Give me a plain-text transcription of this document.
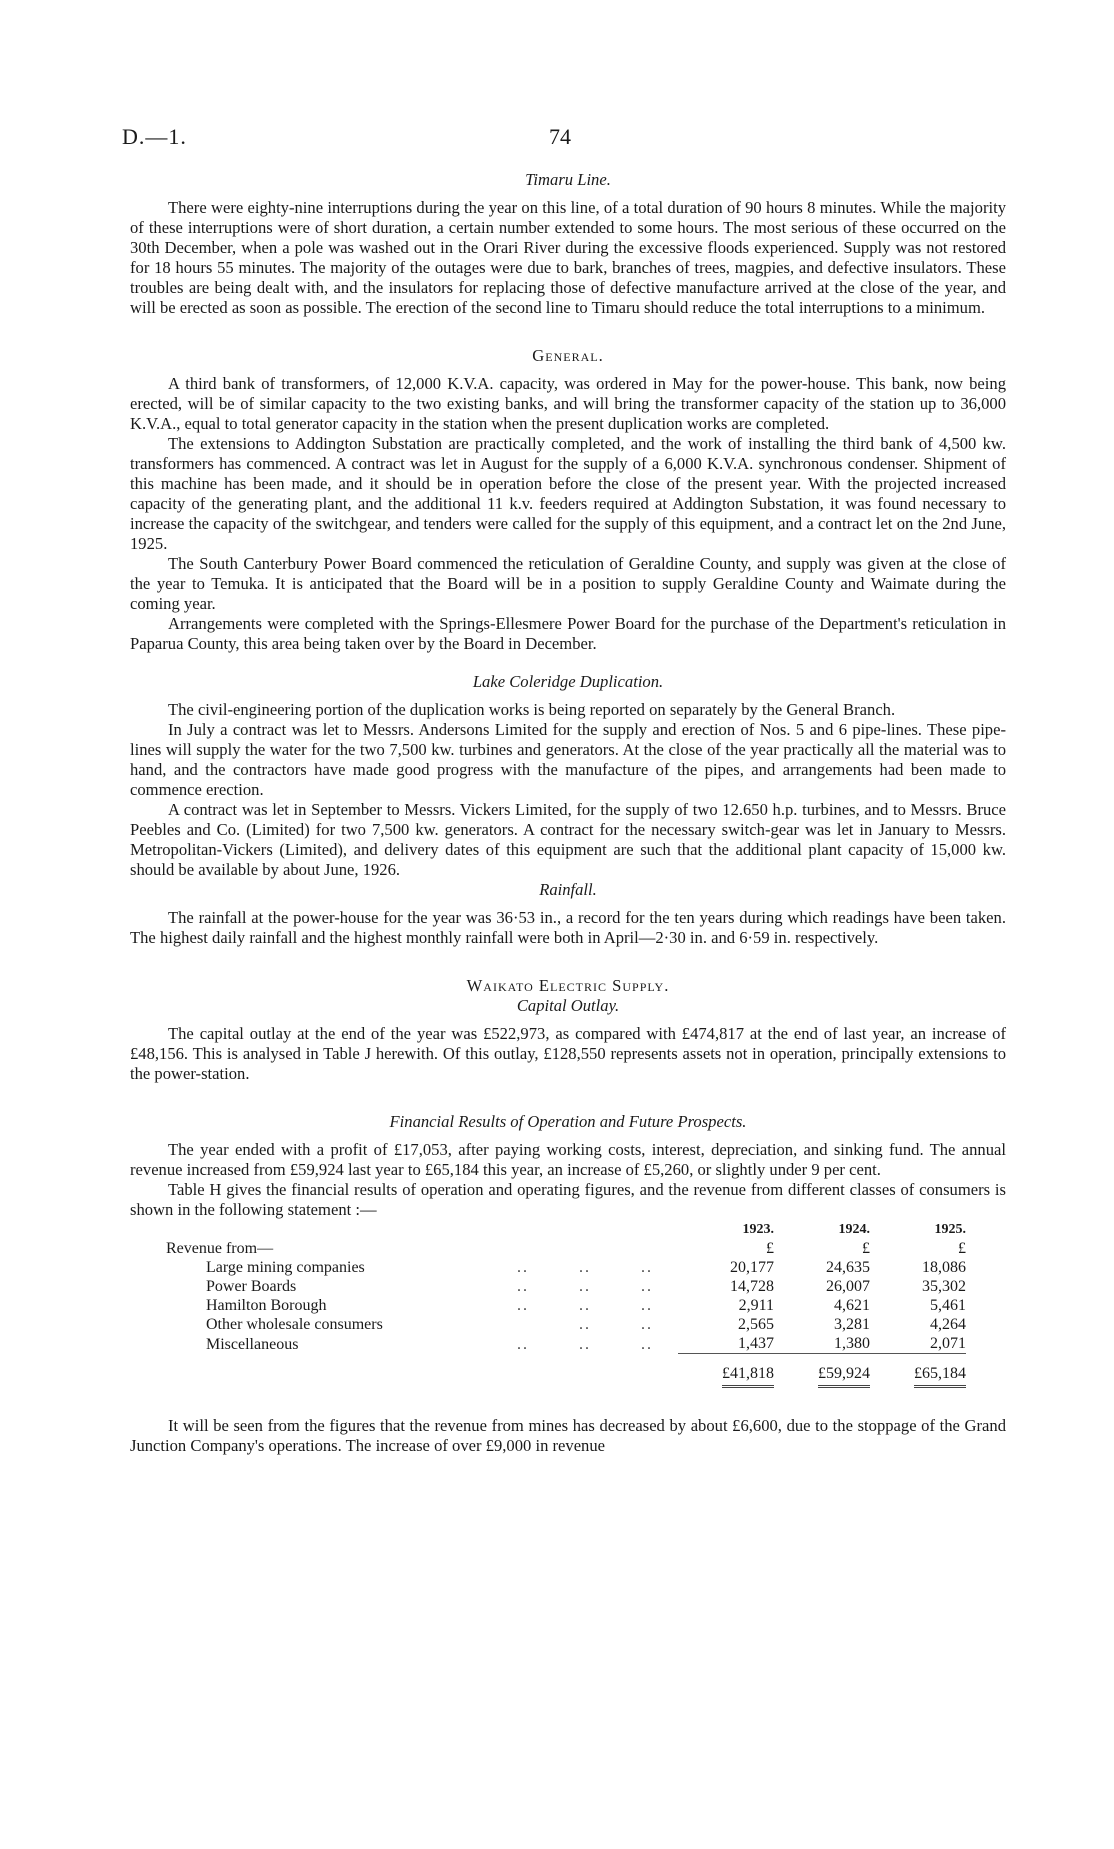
D.—1.	74
Timaru Line.

There were eighty-nine interruptions during the year on this line, of a total duration of 90 hours 8 minutes. While the majority of these interruptions were of short duration, a certain number extended to some hours. The most serious of these occurred on the 30th December, when a pole was washed out in the Orari River during the excessive floods experienced. Supply was not restored for 18 hours 55 minutes. The majority of the outages were due to bark, branches of trees, magpies, and defective insulators. These troubles are being dealt with, and the insulators for replacing those of defective manufacture arrived at the close of the year, and will be erected as soon as possible. The erection of the second line to Timaru should reduce the total interruptions to a minimum.

General.

A third bank of transformers, of 12,000 K.V.A. capacity, was ordered in May for the power-house. This bank, now being erected, will be of similar capacity to the two existing banks, and will bring the transformer capacity of the station up to 36,000 K.V.A., equal to total generator capacity in the station when the present duplication works are completed.

The extensions to Addington Substation are practically completed, and the work of installing the third bank of 4,500 kw. transformers has commenced. A contract was let in August for the supply of a 6,000 K.V.A. synchronous condenser. Shipment of this machine has been made, and it should be in operation before the close of the present year. With the projected increased capacity of the generating plant, and the additional 11 k.v. feeders required at Addington Substation, it was found necessary to increase the capacity of the switchgear, and tenders were called for the supply of this equipment, and a contract let on the 2nd June, 1925.

The South Canterbury Power Board commenced the reticulation of Geraldine County, and supply was given at the close of the year to Temuka. It is anticipated that the Board will be in a position to supply Geraldine County and Waimate during the coming year.

Arrangements were completed with the Springs-Ellesmere Power Board for the purchase of the Department's reticulation in Paparua County, this area being taken over by the Board in December.

Lake Coleridge Duplication.

The civil-engineering portion of the duplication works is being reported on separately by the General Branch.

In July a contract was let to Messrs. Andersons Limited for the supply and erection of Nos. 5 and 6 pipe-lines. These pipe-lines will supply the water for the two 7,500 kw. turbines and generators. At the close of the year practically all the material was to hand, and the contractors have made good progress with the manufacture of the pipes, and arrangements had been made to commence erection.

A contract was let in September to Messrs. Vickers Limited, for the supply of two 12.650 h.p. turbines, and to Messrs. Bruce Peebles and Co. (Limited) for two 7,500 kw. generators. A contract for the necessary switch-gear was let in January to Messrs. Metropolitan-Vickers (Limited), and delivery dates of this equipment are such that the additional plant capacity of 15,000 kw. should be available by about June, 1926.

Rainfall.

The rainfall at the power-house for the year was 36·53 in., a record for the ten years during which readings have been taken. The highest daily rainfall and the highest monthly rainfall were both in April—2·30 in. and 6·59 in. respectively.

Waikato Electric Supply.
Capital Outlay.

The capital outlay at the end of the year was £522,973, as compared with £474,817 at the end of last year, an increase of £48,156. This is analysed in Table J herewith. Of this outlay, £128,550 represents assets not in operation, principally extensions to the power-station.

Financial Results of Operation and Future Prospects.

The year ended with a profit of £17,053, after paying working costs, interest, depreciation, and sinking fund. The annual revenue increased from £59,924 last year to £65,184 this year, an increase of £5,260, or slightly under 9 per cent.

Table H gives the financial results of operation and operating figures, and the revenue from different classes of consumers is shown in the following statement :—

					1923.	1924.	1925.
Revenue from—					£	£	£
Large mining companies		..	..	..	20,177	24,635	18,086
Power Boards		..	..	..	14,728	26,007	35,302
Hamilton Borough		..	..	..	2,911	4,621	5,461
Other wholesale consumers			..	..	2,565	3,281	4,264
Miscellaneous		..	..	..	1,437	1,380	2,071
					£41,818	£59,924	£65,184

It will be seen from the figures that the revenue from mines has decreased by about £6,600, due to the stoppage of the Grand Junction Company's operations. The increase of over £9,000 in revenue
